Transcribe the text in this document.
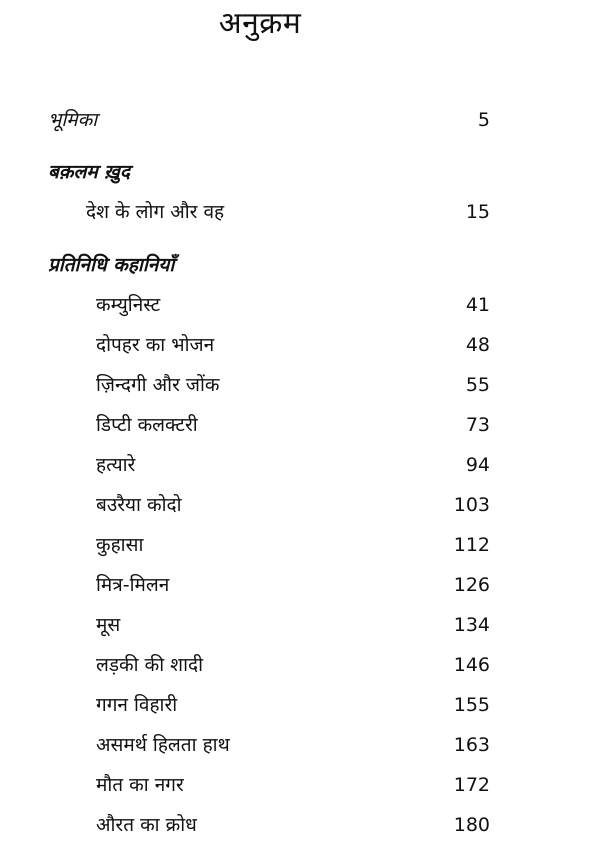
अनुक्रम
भूमिका	5
बक़लम ख़ुद
देश के लोग और वह	15
प्रतिनिधि कहानियाँ
कम्युनिस्ट	41
दोपहर का भोजन	48
ज़िन्दगी और जोंक	55
डिप्टी कलक्टरी	73
हत्यारे	94
बउरैया कोदो	103
कुहासा	112
मित्र-मिलन	126
मूस	134
लड़की की शादी	146
गगन विहारी	155
असमर्थ हिलता हाथ	163
मौत का नगर	172
औरत का क्रोध	180
